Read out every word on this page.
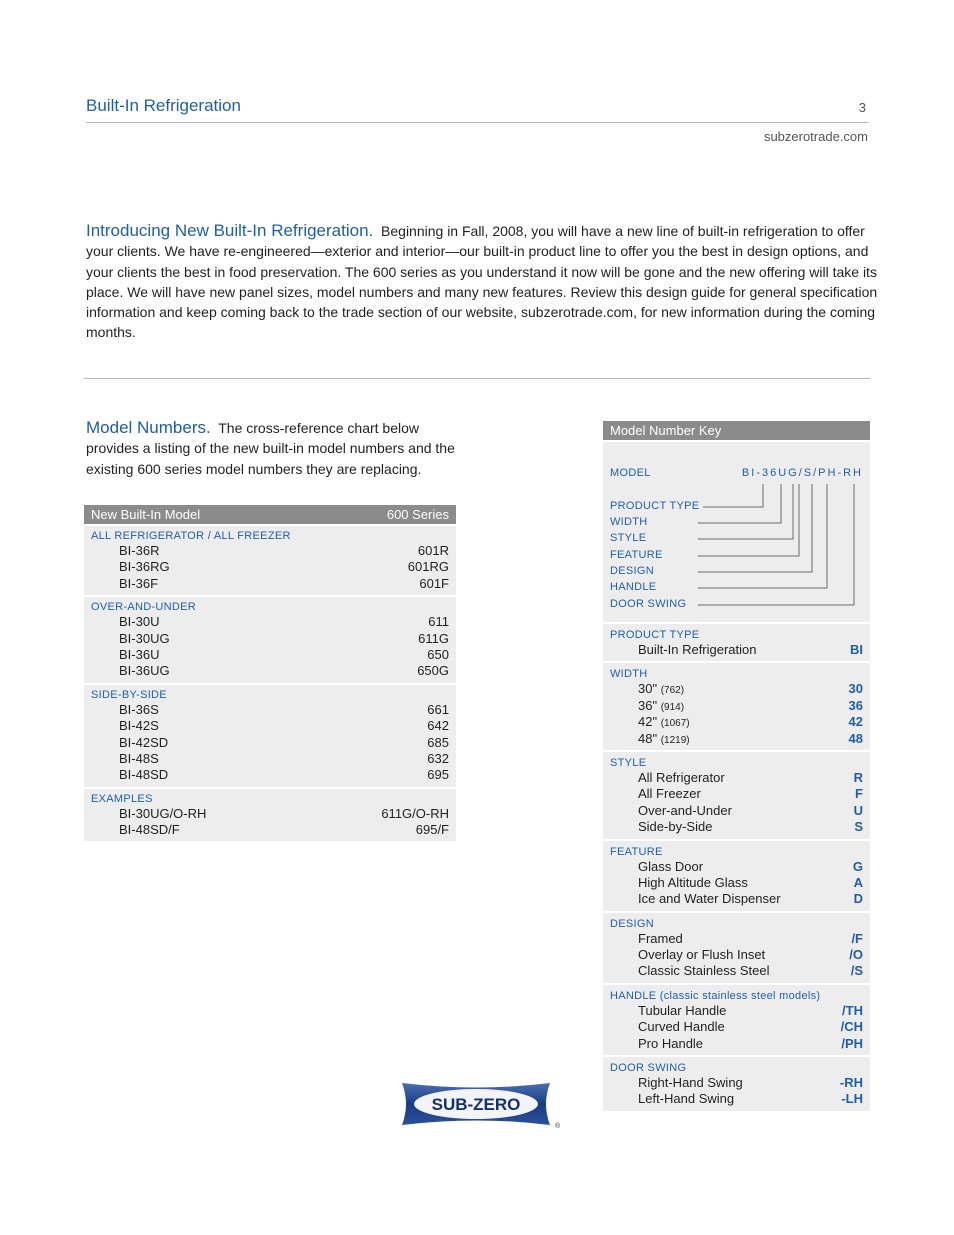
Built-In Refrigeration	3
subzerotrade.com
Introducing New Built-In Refrigeration. Beginning in Fall, 2008, you will have a new line of built-in refrigeration to offer your clients. We have re-engineered—exterior and interior—our built-in product line to offer you the best in design options, and your clients the best in food preservation. The 600 series as you understand it now will be gone and the new offering will take its place. We will have new panel sizes, model numbers and many new features. Review this design guide for general specification information and keep coming back to the trade section of our website, subzerotrade.com, for new information during the coming months.
Model Numbers. The cross-reference chart below provides a listing of the new built-in model numbers and the existing 600 series model numbers they are replacing.
New Built-In Model	600 Series
ALL REFRIGERATOR / ALL FREEZER
BI-36R	601R
BI-36RG	601RG
BI-36F	601F
OVER-AND-UNDER
BI-30U	611
BI-30UG	611G
BI-36U	650
BI-36UG	650G
SIDE-BY-SIDE
BI-36S	661
BI-42S	642
BI-42SD	685
BI-48S	632
BI-48SD	695
EXAMPLES
BI-30UG/O-RH	611G/O-RH
BI-48SD/F	695/F
Model Number Key
MODEL	BI-36UG/S/PH-RH
PRODUCT TYPE
WIDTH
STYLE
FEATURE
DESIGN
HANDLE
DOOR SWING
PRODUCT TYPE
Built-In Refrigeration	BI
WIDTH
30" (762)	30
36" (914)	36
42" (1067)	42
48" (1219)	48
STYLE
All Refrigerator	R
All Freezer	F
Over-and-Under	U
Side-by-Side	S
FEATURE
Glass Door	G
High Altitude Glass	A
Ice and Water Dispenser	D
DESIGN
Framed	/F
Overlay or Flush Inset	/O
Classic Stainless Steel	/S
HANDLE (classic stainless steel models)
Tubular Handle	/TH
Curved Handle	/CH
Pro Handle	/PH
DOOR SWING
Right-Hand Swing	-RH
Left-Hand Swing	-LH
SUB-ZERO
®
